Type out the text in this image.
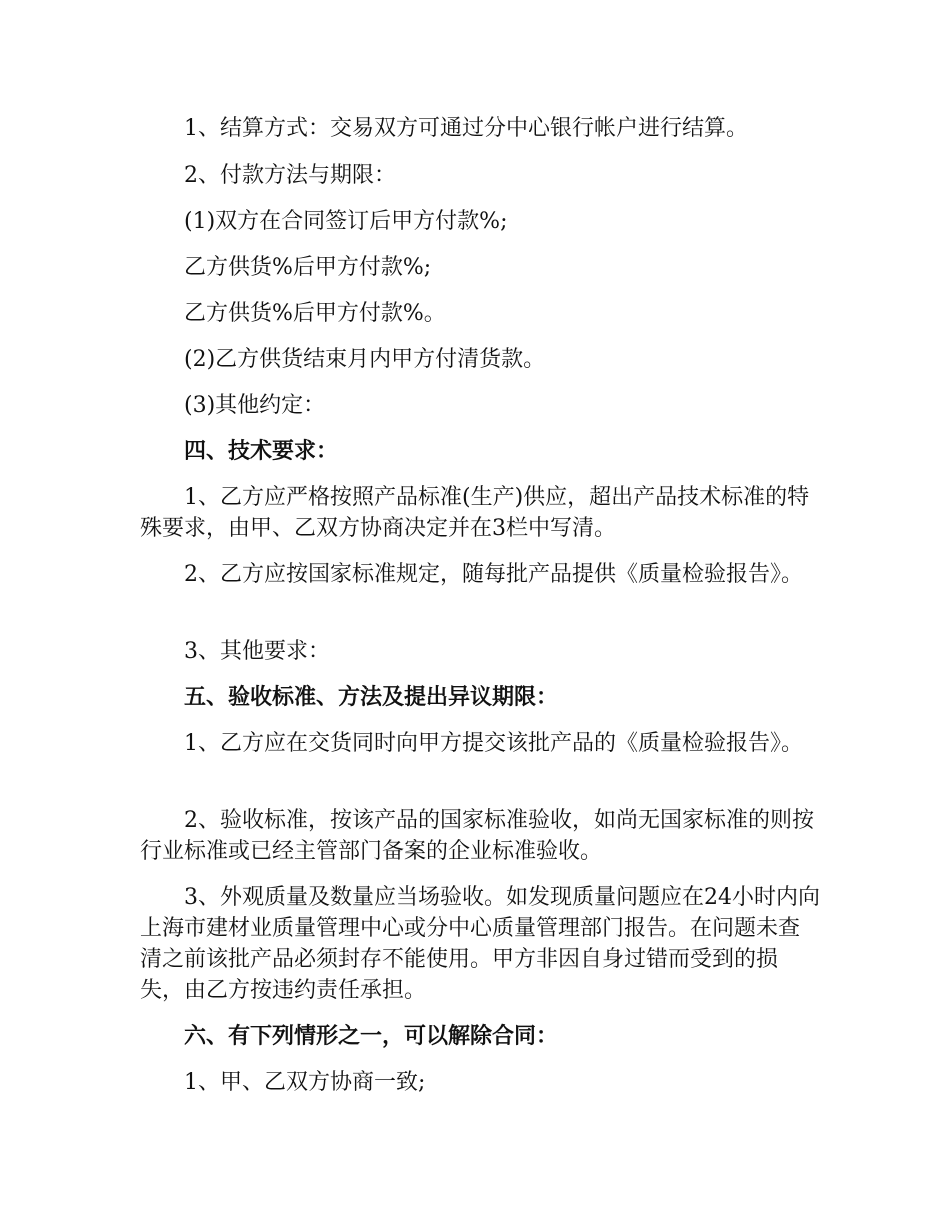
1、结算方式：交易双方可通过分中心银行帐户进行结算。

2、付款方法与期限：

(1)双方在合同签订后甲方付款%;

乙方供货%后甲方付款%;

乙方供货%后甲方付款%。

(2)乙方供货结束月内甲方付清货款。

(3)其他约定：

四、技术要求：

1、乙方应严格按照产品标准(生产)供应，超出产品技术标准的特殊要求，由甲、乙双方协商决定并在3栏中写清。

2、乙方应按国家标准规定，随每批产品提供《质量检验报告》。

3、其他要求：

五、验收标准、方法及提出异议期限：

1、乙方应在交货同时向甲方提交该批产品的《质量检验报告》。

2、验收标准，按该产品的国家标准验收，如尚无国家标准的则按行业标准或已经主管部门备案的企业标准验收。

3、外观质量及数量应当场验收。如发现质量问题应在24小时内向上海市建材业质量管理中心或分中心质量管理部门报告。在问题未查清之前该批产品必须封存不能使用。甲方非因自身过错而受到的损失，由乙方按违约责任承担。

六、有下列情形之一，可以解除合同：

1、甲、乙双方协商一致;
